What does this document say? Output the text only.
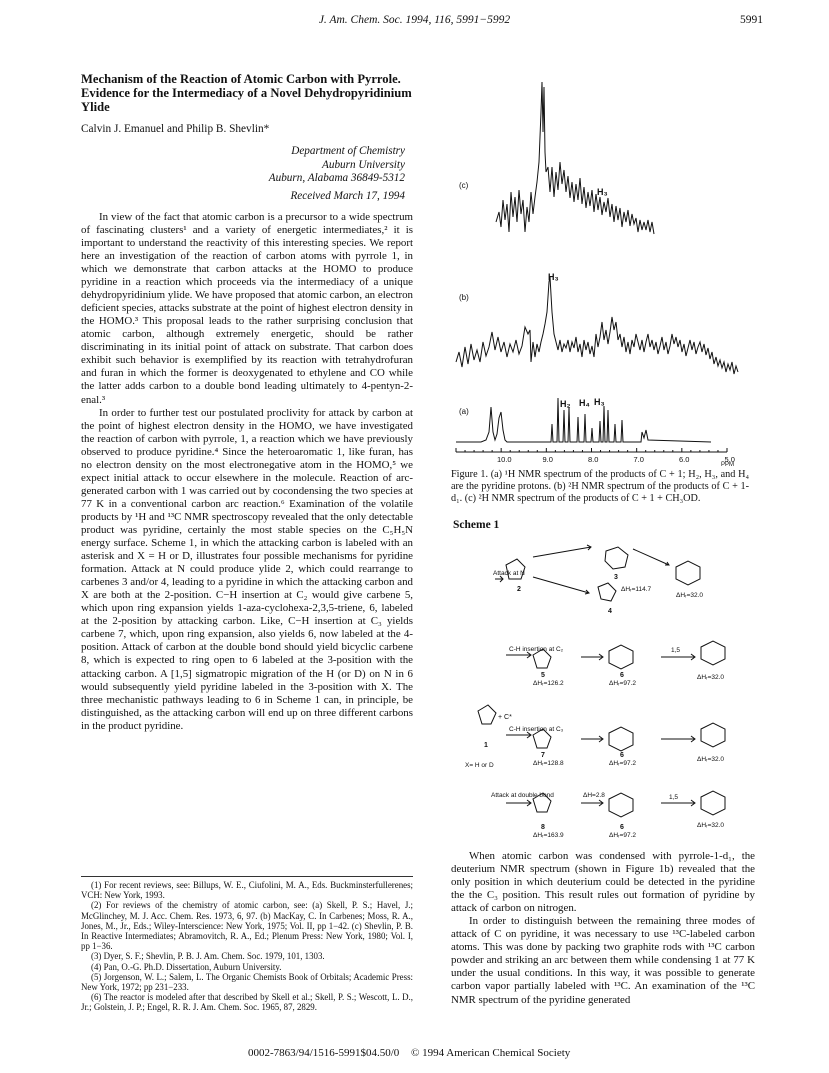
J. Am. Chem. Soc. 1994, 116, 5991−5992	5991
Mechanism of the Reaction of Atomic Carbon with Pyrrole. Evidence for the Intermediacy of a Novel Dehydropyridinium Ylide
Calvin J. Emanuel and Philip B. Shevlin*
Department of Chemistry
Auburn University
Auburn, Alabama 36849-5312
Received March 17, 1994

In view of the fact that atomic carbon is a precursor to a wide spectrum of fascinating clusters¹ and a variety of energetic intermediates,² it is important to understand the reactivity of this interesting species. We report here an investigation of the reaction of carbon atoms with pyrrole 1, in which we demonstrate that carbon attacks at the HOMO to produce pyridine in a reaction which proceeds via the intermediacy of a unique dehydropyridinium ylide. We have proposed that atomic carbon, an electron deficient species, attacks substrate at the point of highest electron density in the HOMO.³ This proposal leads to the rather surprising conclusion that atomic carbon, although extremely energetic, should be rather discriminating in its initial point of attack on substrate. That carbon does exhibit such behavior is exemplified by its reaction with tetrahydrofuran and furan in which the former is deoxygenated to ethylene and CO while the latter adds carbon to a double bond leading ultimately to 4-pentyn-2-enal.³

In order to further test our postulated proclivity for attack by carbon at the point of highest electron density in the HOMO, we have investigated the reaction of carbon with pyrrole, 1, a reaction which we have previously observed to produce pyridine.⁴ Since the heteroaromatic 1, like furan, has no electron density on the most electronegative atom in the HOMO,⁵ we expect initial attack to occur elsewhere in the molecule. Reaction of arc-generated carbon with 1 was carried out by cocondensing the two species at 77 K in a conventional carbon arc reaction.⁶ Examination of the volatile products by ¹H and ¹³C NMR spectroscopy revealed that the only detectable product was pyridine, certainly the most stable species on the C₅H₅N energy surface. Scheme 1, in which the attacking carbon is labeled with an asterisk and X = H or D, illustrates four possible mechanisms for pyridine formation. Attack at N could produce ylide 2, which could rearrange to carbenes 3 and/or 4, leading to a pyridine in which the attacking carbon and X are both at the 2-position. C−H insertion at C₂ would give carbene 5, which upon ring expansion yields 1-aza-cyclohexa-2,3,5-triene, 6, labeled at the 2-position by attacking carbon. Like, C−H insertion at C₃ yields carbene 7, which, upon ring expansion, also yields 6, now labeled at the 4-position. Attack of carbon at the double bond should yield bicyclic carbene 8, which is expected to ring open to 6 labeled at the 3-position with the attacking carbon. A [1,5] sigmatropic migration of the H (or D) on N in 6 would subsequently yield pyridine labeled in the 3-position with X. The three mechanistic pathways leading to 6 in Scheme 1 can, in principle, be distinguished, as the attacking carbon will end up on three different carbons in the product pyridine.

(1) For recent reviews, see: Billups, W. E., Ciufolini, M. A., Eds. Buckminsterfullerenes; VCH: New York, 1993.
(2) For reviews of the chemistry of atomic carbon, see: (a) Skell, P. S.; Havel, J.; McGlinchey, M. J. Acc. Chem. Res. 1973, 6, 97. (b) MacKay, C. In Carbenes; Moss, R. A., Jones, M., Jr., Eds.; Wiley-Interscience: New York, 1975; Vol. II, pp 1−42. (c) Shevlin, P. B. In Reactive Intermediates; Abramovitch, R. A., Ed.; Plenum Press: New York, 1980; Vol. I, pp 1−36.
(3) Dyer, S. F.; Shevlin, P. B. J. Am. Chem. Soc. 1979, 101, 1303.
(4) Pan, O.-G. Ph.D. Dissertation, Auburn University.
(5) Jorgenson, W. L.; Salem, L. The Organic Chemists Book of Orbitals; Academic Press: New York, 1972; pp 231−233.
(6) The reactor is modeled after that described by Skell et al.; Skell, P. S.; Wescott, L. D., Jr.; Golstein, J. P.; Engel, R. R. J. Am. Chem. Soc. 1965, 87, 2829.
0002-7863/94/1516-5991$04.50/0 © 1994 American Chemical Society
(c)
(b)
(a)
H₃
H₃
H₂ H₄ H₃
PPM
10.0	9.0	8.0	7.0	6.0	5.0
Figure 1. (a) ¹H NMR spectrum of the products of C + 1; H₂, H₃, and H₄ are the pyridine protons. (b) ²H NMR spectrum of the products of C + 1-d₁. (c) ²H NMR spectrum of the products of C + 1 + CH₃OD.
Scheme 1
Attack at N
C-H insertion at C₂
C-H insertion at C₃
Attack at double bond
1,5
1,5
ΔHᵣ=114.7
ΔHᵣ=32.0
ΔHᵣ=126.2	ΔHᵣ=97.2
ΔHᵣ=32.0
ΔHᵣ=128.8	ΔHᵣ=97.2
ΔHᵣ=32.0
ΔH=2.8
ΔHᵣ=163.9	ΔHᵣ=97.2
ΔHᵣ=32.0
+ C*
X= H or D
1
2
3
4
5	6
7	6
8	6

When atomic carbon was condensed with pyrrole-1-d₁, the deuterium NMR spectrum (shown in Figure 1b) revealed that the only position in which deuterium could be detected in the pyridine the the C₃ position. This result rules out formation of pyridine by attack of carbon on nitrogen.

In order to distinguish between the remaining three modes of attack of C on pyridine, it was necessary to use ¹³C-labeled carbon atoms. This was done by packing two graphite rods with ¹³C carbon powder and striking an arc between them while condensing 1 at 77 K under the usual conditions. In this way, it was possible to generate carbon vapor partially labeled with ¹³C. An examination of the ¹³C NMR spectrum of the pyridine generated
